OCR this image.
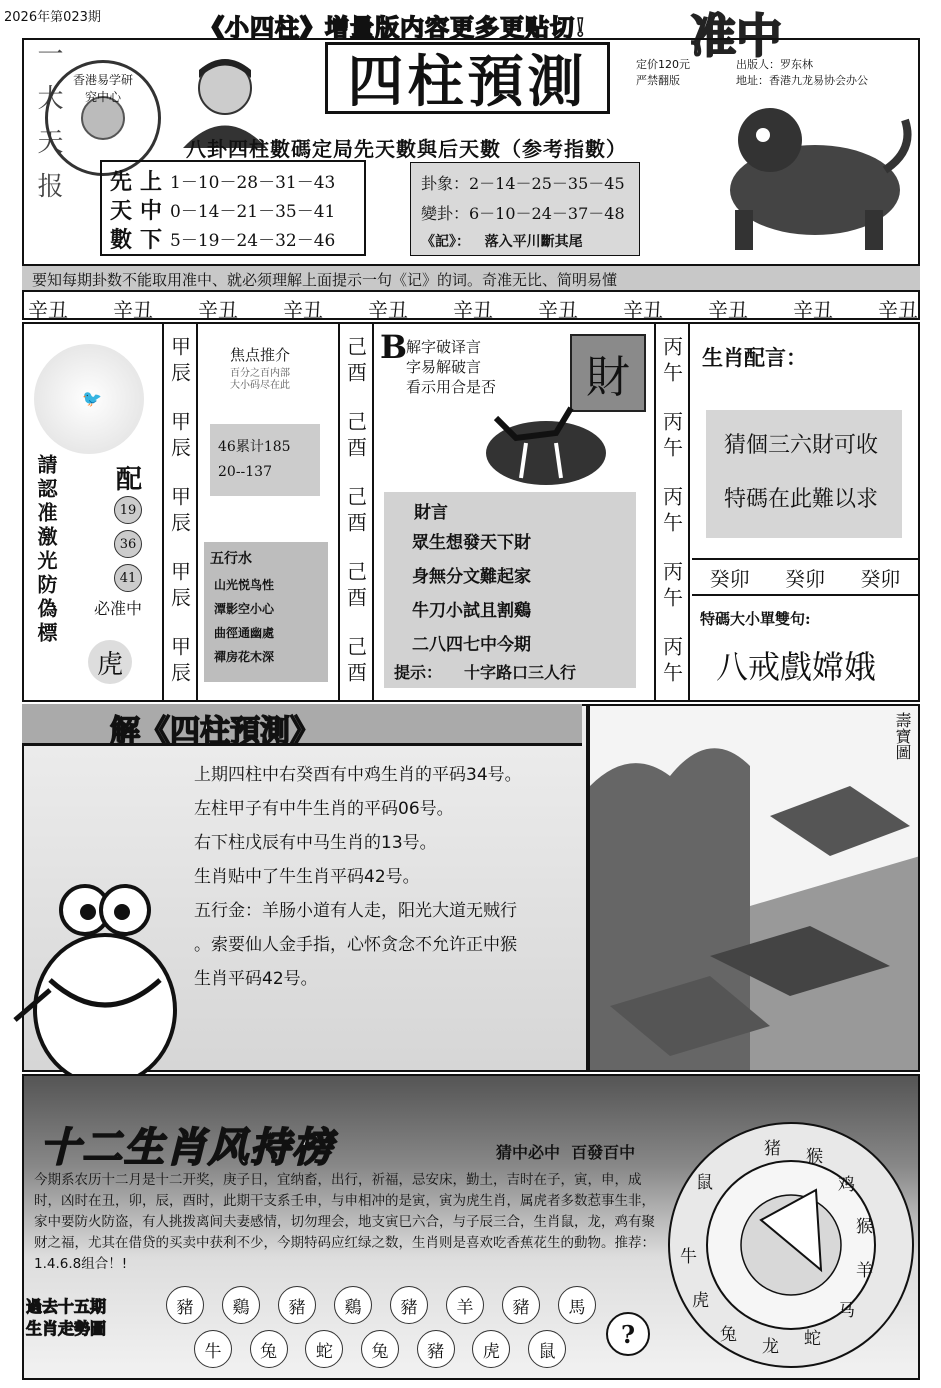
2026年第023期	《小四柱》增量版内容更多更贴切! 准中
一大天报 香港易学研究中心	四柱預測	定价120元
严禁翻版
出版人：罗东林
地址：香港九龙易协会办公
八卦四柱數碼定局先天數與后天數（参考指數）
先 上 1－10－28－31－43
天 中 0－14－21－35－41
數 下 5－19－24－32－46
卦象：2－14－25－35－45
變卦：6－10－24－37－48
《記》：   落入平川斷其尾
要知每期卦数不能取用准中、就必须理解上面提示一句《记》的词。奇准无比、简明易懂
辛丑 辛丑 辛丑 辛丑 辛丑 辛丑 辛丑 辛丑 辛丑 辛丑 辛丑
🐦
請認准激光防偽標 配
19
36
41
必准中
虎
甲辰
甲辰
甲辰
甲辰
甲辰
焦点推介
百分之百内部
大小码尽在此
46累计185
20--137
五行水
山光悦鸟性
潭影空小心
曲徑通幽處
禪房花木深
己酉
己酉
己酉
己酉
己酉
B
解字破译言
字易解破言
看示用合是否	財
財言
眾生想發天下財
身無分文難起家
牛刀小試且割鷄
二八四七中今期
提示： 十字路口三人行
丙午
丙午
丙午
丙午
丙午
生肖配言：
猜個三六財可收
特碼在此難以求
癸卯 癸卯 癸卯
特碼大小單雙句:
八戒戲嫦娥
解《四柱預測》
上期四柱中右癸酉有中鸡生肖的平码34号。
左柱甲子有中牛生肖的平码06号。
右下柱戊辰有中马生肖的13号。
生肖贴中了牛生肖平码42号。
五行金：羊肠小道有人走，阳光大道无贼行
。索要仙人金手指，心怀贪念不允许正中猴
生肖平码42号。
壽寶圖
十二生肖风持榜	猜中必中  百發百中
今期系农历十二月是十二开奖，庚子日，宜纳畜，出行，祈福，忌安床，勤土，吉时在子，寅，申，成时，凶时在丑，卯，辰，酉时，此期干支系壬申，与申相冲的是寅，寅为虎生肖，属虎者多数惹事生非，家中要防火防盗，有人挑拨离间夫妻感情，切勿理会，地支寅巳六合，与子辰三合，生肖鼠，龙，鸡有聚财之福，尤其在借贷的买卖中获利不少，今期特码应红绿之数，生肖则是喜欢吃香蕉花生的動物。推荐：1.4.6.8组合！!
過去十五期
生肖走勢圖
豬	鷄	豬	鷄	豬	羊	豬	馬
牛	兔	蛇	兔	豬	虎	鼠
?
猪 猴
鸡
猴
羊
马
蛇
龙
兔
虎
牛
鼠
